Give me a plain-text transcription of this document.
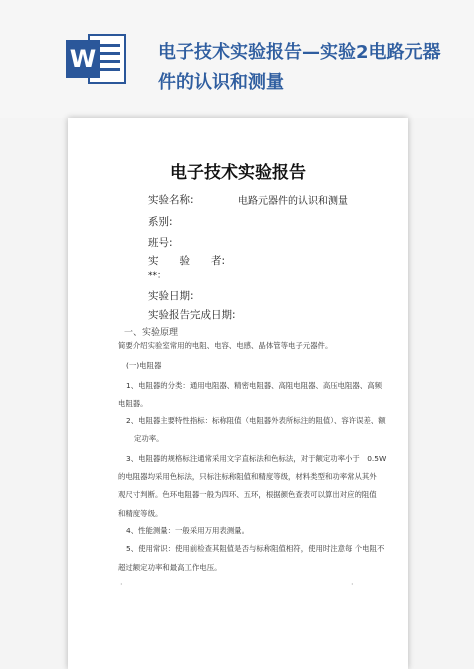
W	电子技术实验报告—实验2电路元器件的认识和测量
电子技术实验报告
实验名称:	电路元器件的认识和测量
系别:
班号:
实　　验　　者:
**：
实验日期:
实验报告完成日期:
一、实验原理
简要介绍实验室常用的电阻、电容、电感、晶体管等电子元器件。
(一)电阻器
1、电阻器的分类：通用电阻器、精密电阻器、高阻电阻器、高压电阻器、高频
电阻器。
2、电阻器主要特性指标：标称阻值（电阻器外表所标注的阻值）、容许误差、额
定功率。
3、电阻器的规格标注通常采用文字直标法和色标法，对于额定功率小于　0.5W
的电阻器均采用色标法，只标注标称阻值和精度等级，材料类型和功率常从其外
观尺寸判断。色环电阻器一般为四环、五环，根据颜色查表可以算出对应的阻值
和精度等级。
4、性能测量：一般采用万用表测量。
5、使用常识：使用前检查其阻值是否与标称阻值相符，使用时注意每 个电阻不
超过额定功率和最高工作电压。
·	·
